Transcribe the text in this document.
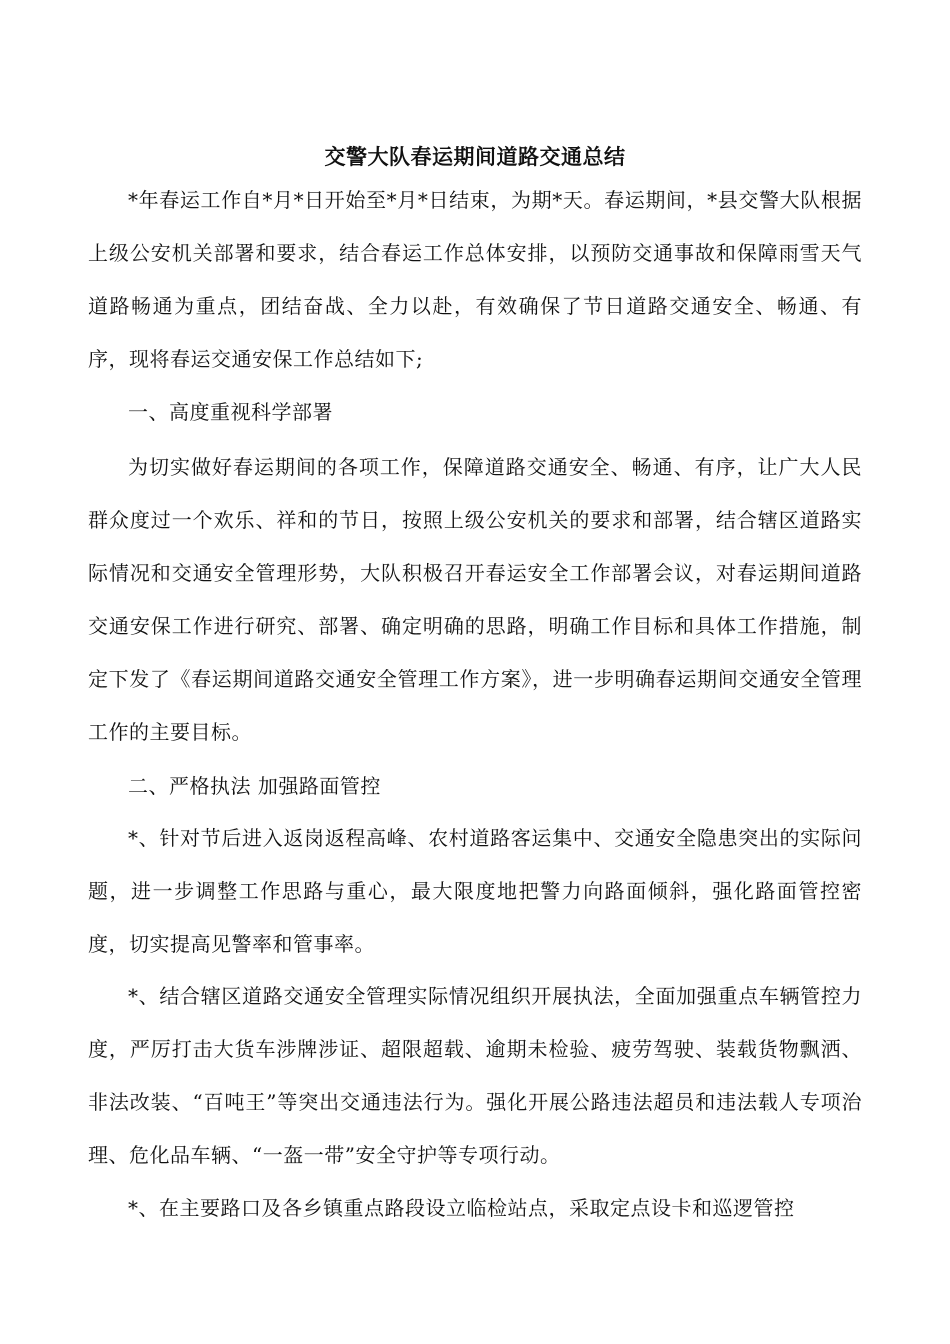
交警大队春运期间道路交通总结

*年春运工作自*月*日开始至*月*日结束，为期*天。春运期间，*县交警大队根据上级公安机关部署和要求，结合春运工作总体安排，以预防交通事故和保障雨雪天气道路畅通为重点，团结奋战、全力以赴，有效确保了节日道路交通安全、畅通、有序，现将春运交通安保工作总结如下;

一、高度重视科学部署

为切实做好春运期间的各项工作，保障道路交通安全、畅通、有序，让广大人民群众度过一个欢乐、祥和的节日，按照上级公安机关的要求和部署，结合辖区道路实际情况和交通安全管理形势，大队积极召开春运安全工作部署会议，对春运期间道路交通安保工作进行研究、部署、确定明确的思路，明确工作目标和具体工作措施，制定下发了《春运期间道路交通安全管理工作方案》，进一步明确春运期间交通安全管理工作的主要目标。

二、严格执法 加强路面管控

*、针对节后进入返岗返程高峰、农村道路客运集中、交通安全隐患突出的实际问题，进一步调整工作思路与重心，最大限度地把警力向路面倾斜，强化路面管控密度，切实提高见警率和管事率。

*、结合辖区道路交通安全管理实际情况组织开展执法，全面加强重点车辆管控力度，严厉打击大货车涉牌涉证、超限超载、逾期未检验、疲劳驾驶、装载货物飘洒、非法改装、“百吨王”等突出交通违法行为。强化开展公路违法超员和违法载人专项治理、危化品车辆、“一盔一带”安全守护等专项行动。

*、在主要路口及各乡镇重点路段设立临检站点，采取定点设卡和巡逻管控
